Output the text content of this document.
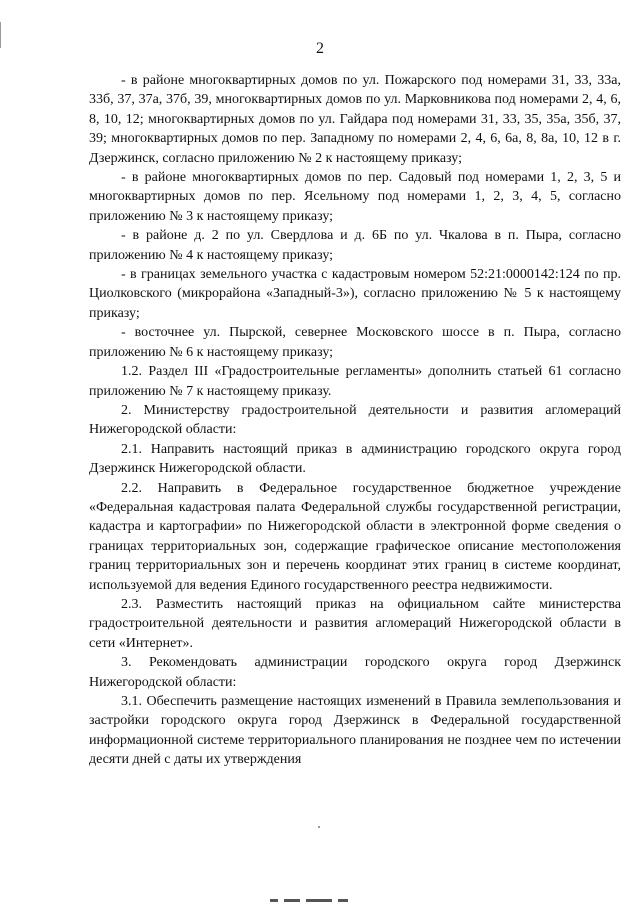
2

- в районе многоквартирных домов по ул. Пожарского под номерами 31, 33, 33а, 33б, 37, 37а, 37б, 39, многоквартирных домов по ул. Марковникова под номерами 2, 4, 6, 8, 10, 12; многоквартирных домов по ул. Гайдара под номерами 31, 33, 35, 35а, 35б, 37, 39; многоквартирных домов по пер. Западному по номерами 2, 4, 6, 6а, 8, 8а, 10, 12 в г. Дзержинск, согласно приложению № 2 к настоящему приказу;

- в районе многоквартирных домов по пер. Садовый под номерами 1, 2, 3, 5 и многоквартирных домов по пер. Ясельному под номерами 1, 2, 3, 4, 5, согласно приложению № 3 к настоящему приказу;

- в районе д. 2 по ул. Свердлова и д. 6Б по ул. Чкалова в п. Пыра, согласно приложению № 4 к настоящему приказу;

- в границах земельного участка с кадастровым номером 52:21:0000142:124 по пр. Циолковского (микрорайона «Западный-3»), согласно приложению № 5 к настоящему приказу;

- восточнее ул. Пырской, севернее Московского шоссе в п. Пыра, согласно приложению № 6 к настоящему приказу;

1.2. Раздел III «Градостроительные регламенты» дополнить статьей 61 согласно приложению № 7 к настоящему приказу.

2. Министерству градостроительной деятельности и развития агломераций Нижегородской области:

2.1. Направить настоящий приказ в администрацию городского округа город Дзержинск Нижегородской области.

2.2. Направить в Федеральное государственное бюджетное учреждение «Федеральная кадастровая палата Федеральной службы государственной регистрации, кадастра и картографии» по Нижегородской области в электронной форме сведения о границах территориальных зон, содержащие графическое описание местоположения границ территориальных зон и перечень координат этих границ в системе координат, используемой для ведения Единого государственного реестра недвижимости.

2.3. Разместить настоящий приказ на официальном сайте министерства градостроительной деятельности и развития агломераций Нижегородской области в сети «Интернет».

3. Рекомендовать администрации городского округа город Дзержинск Нижегородской области:

3.1. Обеспечить размещение настоящих изменений в Правила землепользования и застройки городского округа город Дзержинск в Федеральной государственной информационной системе территориального планирования не позднее чем по истечении десяти дней с даты их утверждения
